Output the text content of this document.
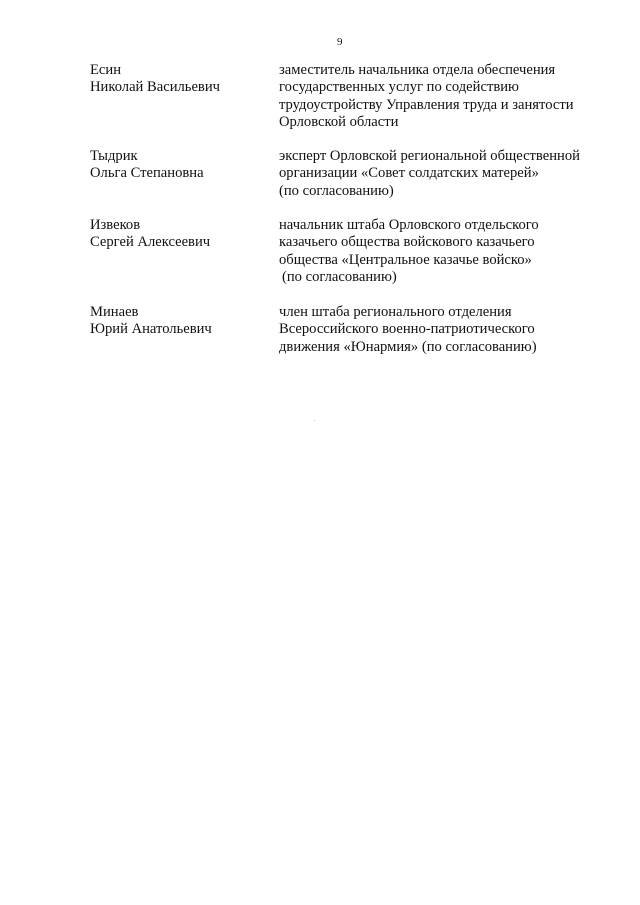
9
Есин
Николай Васильевич
заместитель начальника отдела обеспечения
государственных услуг по содействию
трудоустройству Управления труда и занятости
Орловской области
Тыдрик
Ольга Степановна
эксперт Орловской региональной общественной
организации «Совет солдатских матерей»
(по согласованию)
Извеков
Сергей Алексеевич
начальник штаба Орловского отдельского
казачьего общества войскового казачьего
общества «Центральное казачье войско»
(по согласованию)
Минаев
Юрий Анатольевич
член штаба регионального отделения
Всероссийского военно-патриотического
движения «Юнармия» (по согласованию)
